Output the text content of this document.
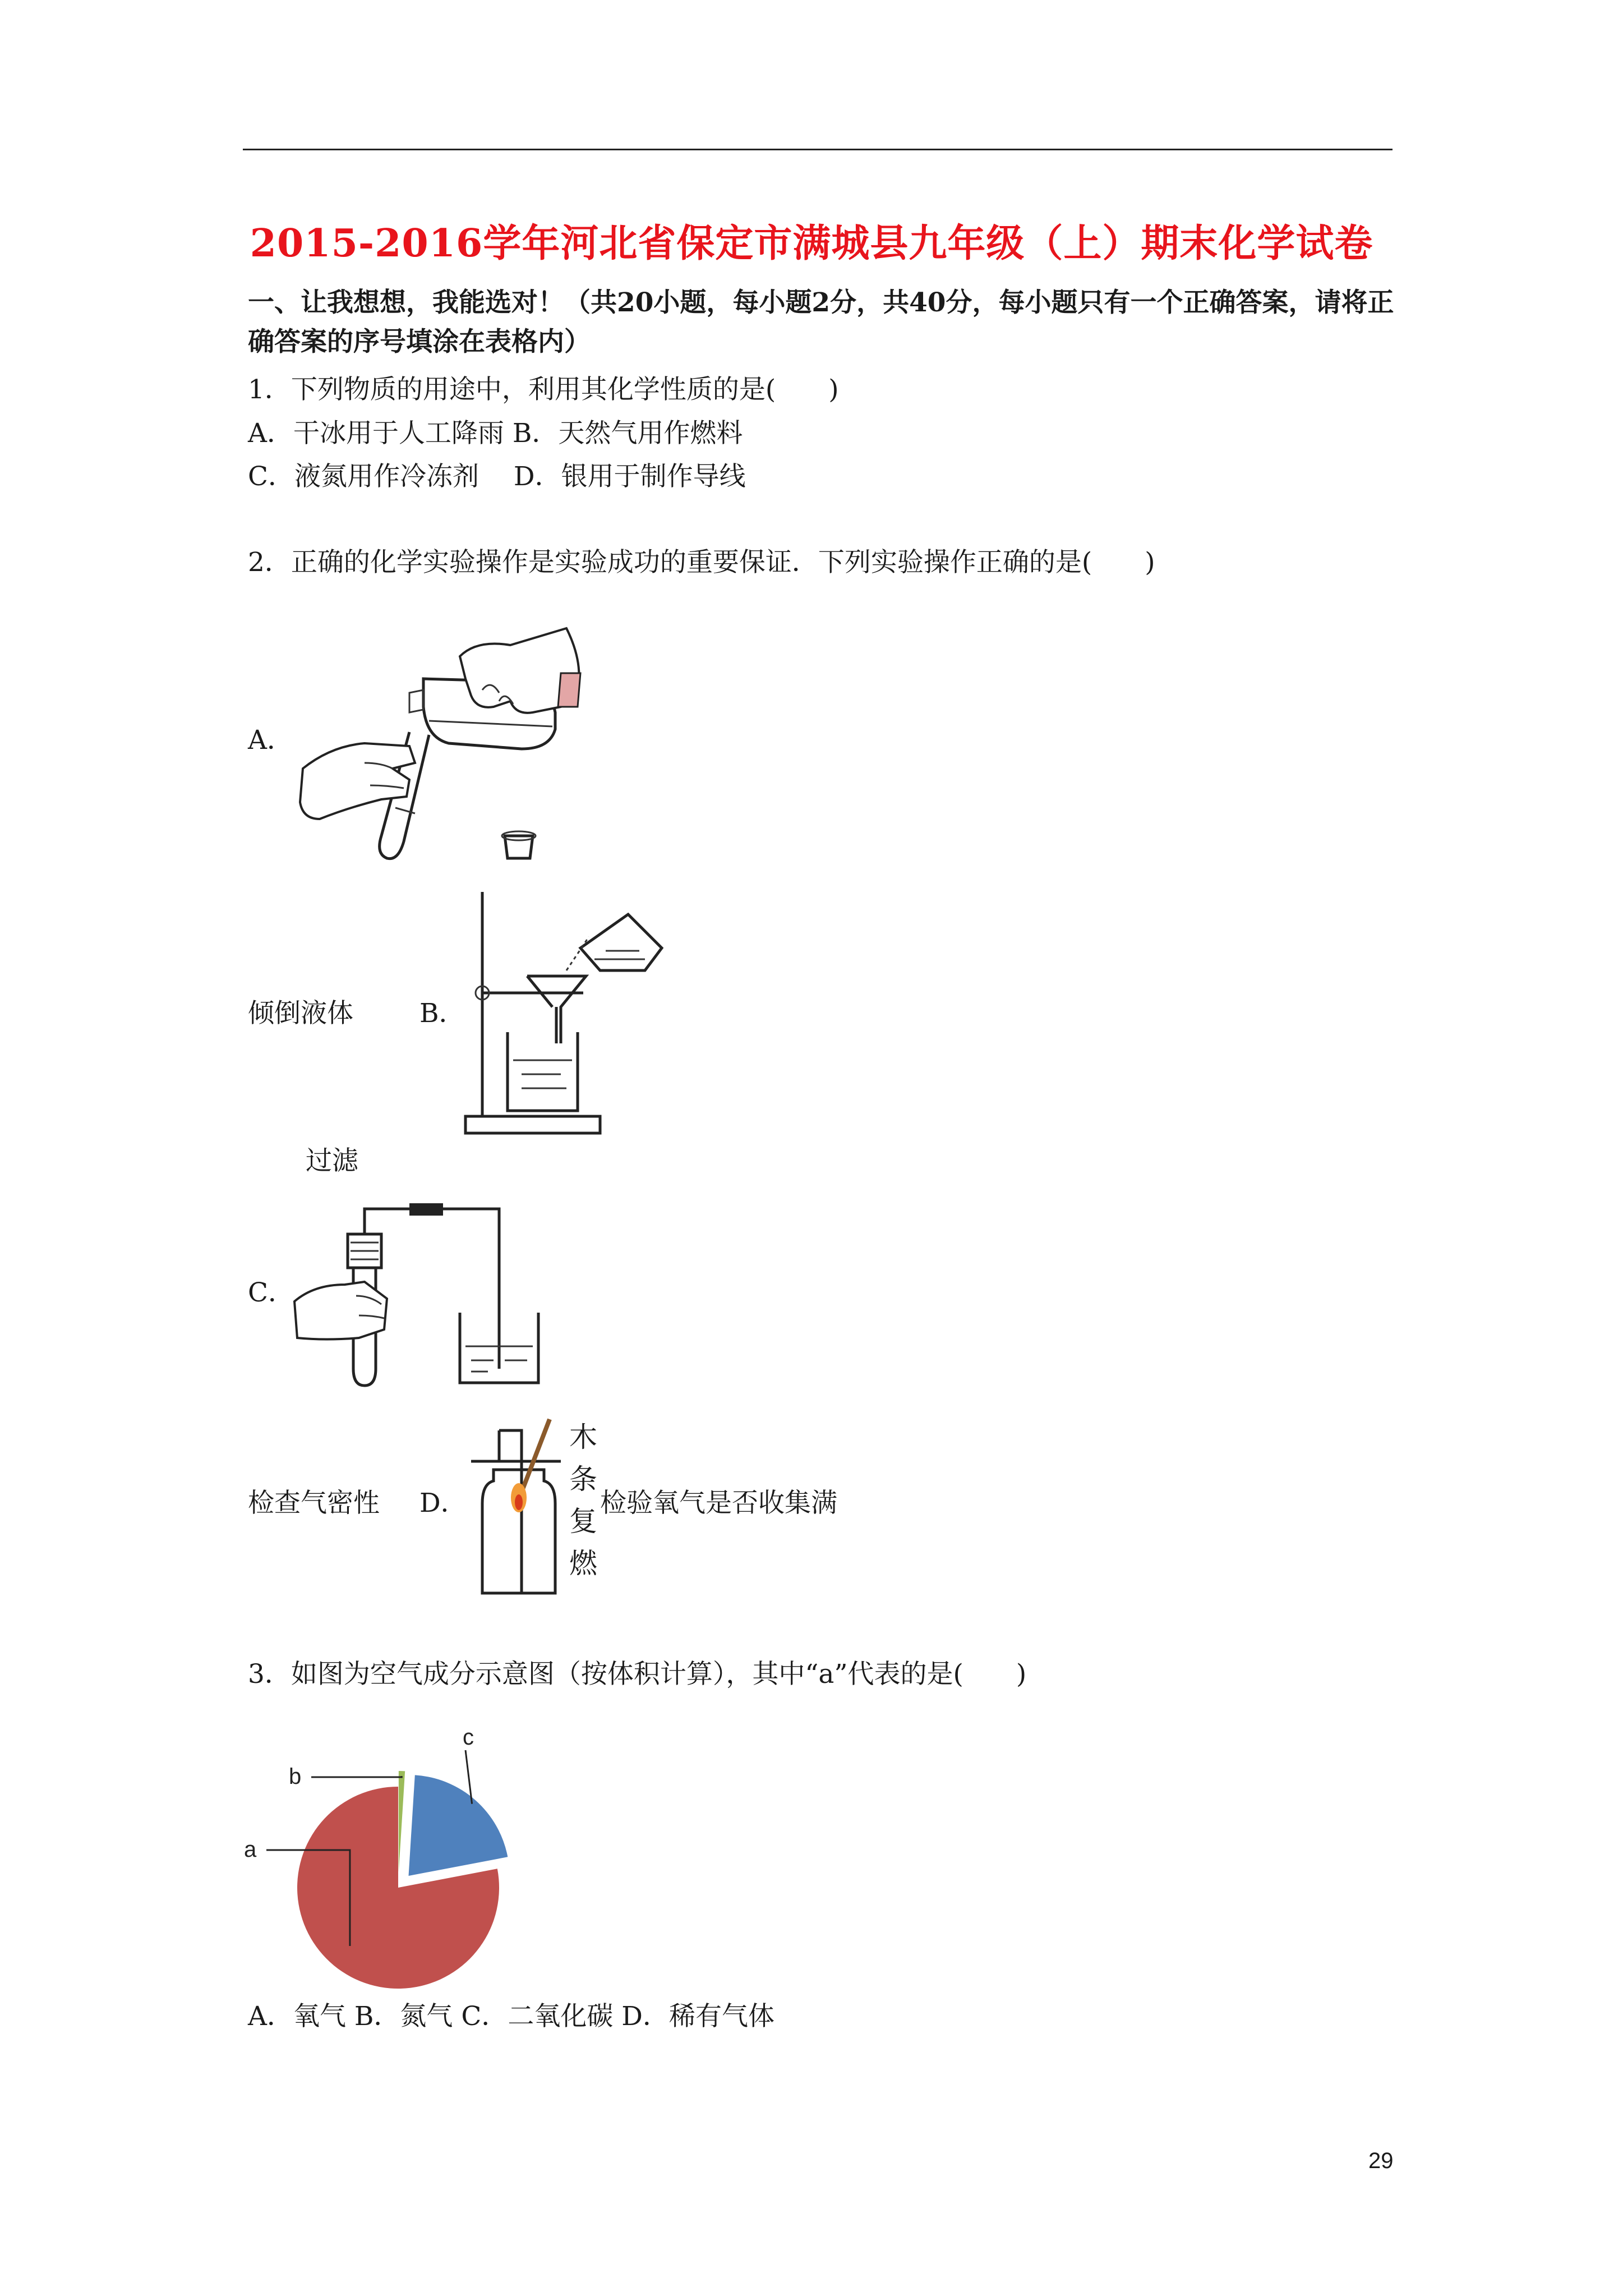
2015-2016学年河北省保定市满城县九年级（上）期末化学试卷
一、让我想想，我能选对！（共20小题，每小题2分，共40分，每小题只有一个正确答案，请将正确答案的序号填涂在表格内）
1．下列物质的用途中，利用其化学性质的是(　　)
A．干冰用于人工降雨 B．天然气用作燃料
C．液氮用作冷冻剂　 D．银用于制作导线
2．正确的化学实验操作是实验成功的重要保证．下列实验操作正确的是(　　)
A．
倾倒液体	B．
过滤
C．
检查气密性 D．
木
条
复
燃
检验氧气是否收集满
3．如图为空气成分示意图（按体积计算），其中“a”代表的是(　　)
a
b
c
A．氧气 B．氮气 C．二氧化碳 D．稀有气体
29
